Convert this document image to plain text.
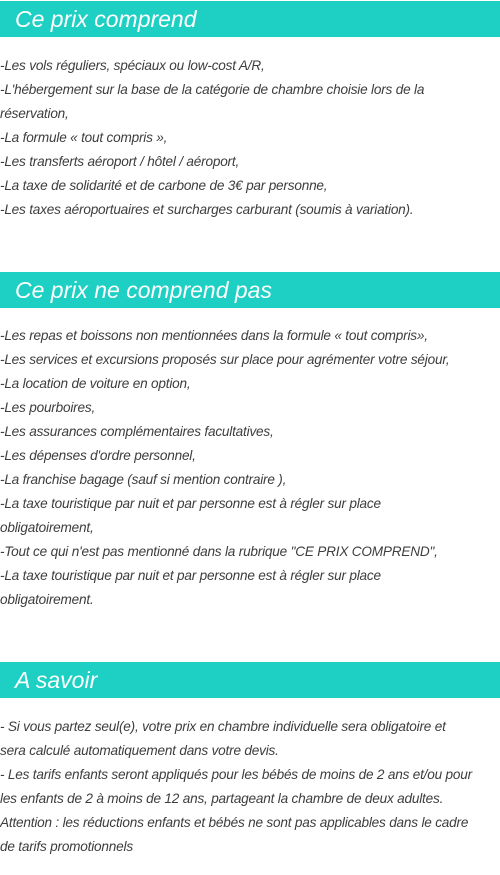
Ce prix comprend
-Les vols réguliers, spéciaux ou low-cost A/R,
-L'hébergement sur la base de la catégorie de chambre choisie lors de la
réservation,
-La formule « tout compris »,
-Les transferts aéroport / hôtel / aéroport,
-La taxe de solidarité et de carbone de 3€ par personne,
-Les taxes aéroportuaires et surcharges carburant (soumis à variation).
Ce prix ne comprend pas
-Les repas et boissons non mentionnées dans la formule « tout compris»,
-Les services et excursions proposés sur place pour agrémenter votre séjour,
-La location de voiture en option,
-Les pourboires,
-Les assurances complémentaires facultatives,
-Les dépenses d'ordre personnel,
-La franchise bagage (sauf si mention contraire ),
-La taxe touristique par nuit et par personne est à régler sur place
obligatoirement,
-Tout ce qui n'est pas mentionné dans la rubrique "CE PRIX COMPREND",
-La taxe touristique par nuit et par personne est à régler sur place
obligatoirement.
A savoir
- Si vous partez seul(e), votre prix en chambre individuelle sera obligatoire et
sera calculé automatiquement dans votre devis.
- Les tarifs enfants seront appliqués pour les bébés de moins de 2 ans et/ou pour
les enfants de 2 à moins de 12 ans, partageant la chambre de deux adultes.
Attention : les réductions enfants et bébés ne sont pas applicables dans le cadre
de tarifs promotionnels
